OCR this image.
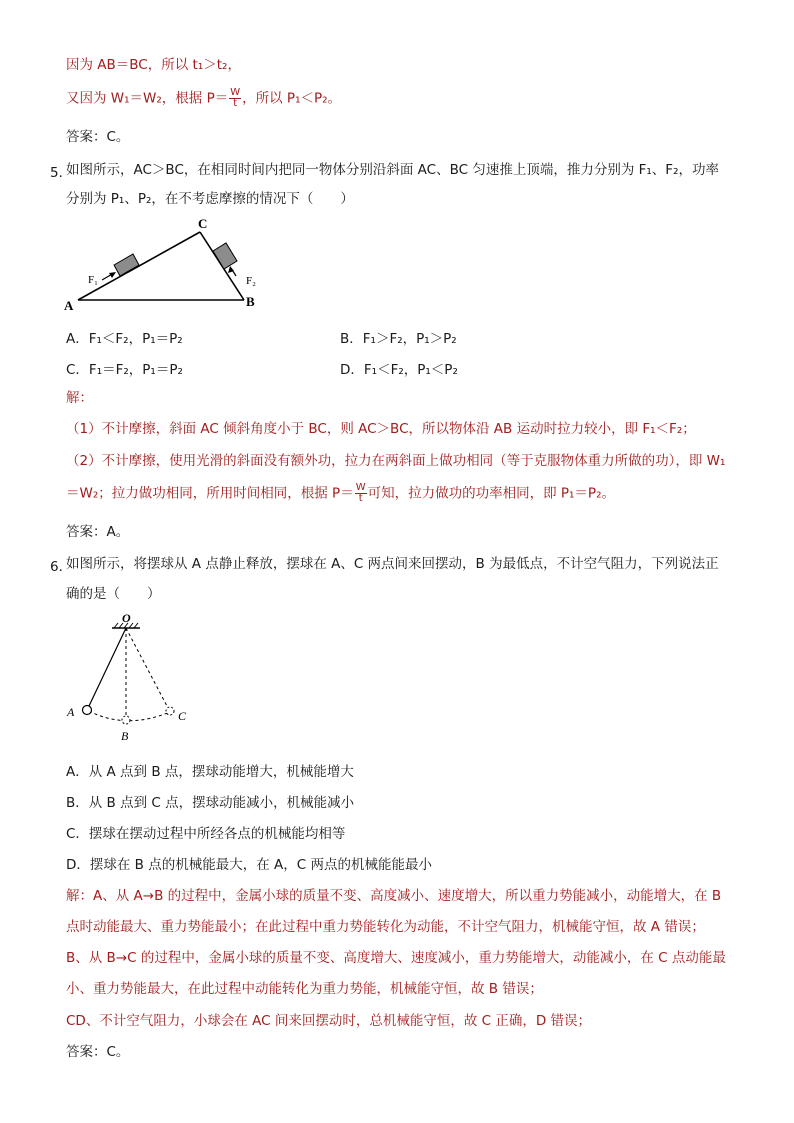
因为 AB＝BC，所以 t₁＞t₂，
又因为 W₁＝W₂，根据 $P= \frac{W}{t}$ ，所以 P₁＜P₂。
答案：C。
5．
如图所示，AC＞BC，在相同时间内把同一物体分别沿斜面 AC、BC 匀速推上顶端，推力分别为 F₁、F₂，功率
分别为 P₁、P₂，在不考虑摩擦的情况下（　　）
A	B
C
F₁	F₂
A．F₁＜F₂，P₁＝P₂	B．F₁＞F₂，P₁＞P₂
C．F₁＝F₂，P₁＝P₂	D．F₁＜F₂，P₁＜P₂
解：
（1）不计摩擦，斜面 AC 倾斜角度小于 BC，则 AC＞BC，所以物体沿 AB 运动时拉力较小，即 F₁＜F₂；
（2）不计摩擦，使用光滑的斜面没有额外功，拉力在两斜面上做功相同（等于克服物体重力所做的功），即 W₁
＝W₂；拉力做功相同，所用时间相同，根据 $P= \frac{W}{t}$ 可知，拉力做功的功率相同，即 P₁＝P₂。
答案：A。
6．
如图所示，将摆球从 A 点静止释放，摆球在 A、C 两点间来回摆动，B 为最低点，不计空气阻力，下列说法正
确的是（　　）
O
A
B
C
A．从 A 点到 B 点，摆球动能增大，机械能增大
B．从 B 点到 C 点，摆球动能减小，机械能减小
C．摆球在摆动过程中所经各点的机械能均相等
D．摆球在 B 点的机械能最大，在 A，C 两点的机械能能最小
解：A、从 A→B 的过程中，金属小球的质量不变、高度减小、速度增大，所以重力势能减小，动能增大，在 B
点时动能最大、重力势能最小；在此过程中重力势能转化为动能，不计空气阻力，机械能守恒，故 A 错误；
B、从 B→C 的过程中，金属小球的质量不变、高度增大、速度减小，重力势能增大，动能减小，在 C 点动能最
小、重力势能最大，在此过程中动能转化为重力势能，机械能守恒，故 B 错误；
CD、不计空气阻力，小球会在 AC 间来回摆动时，总机械能守恒，故 C 正确，D 错误；
答案：C。
